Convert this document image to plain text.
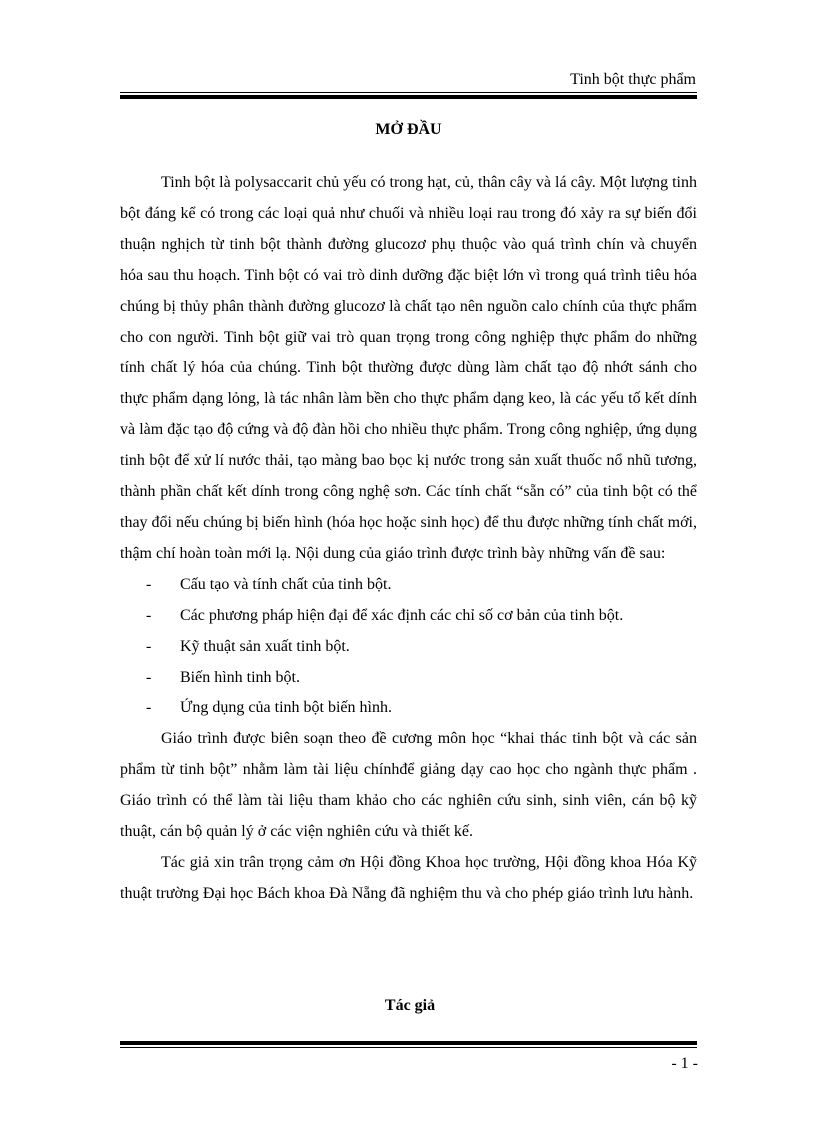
Tinh bột thực phẩm
MỞ ĐẦU

Tinh bột là polysaccarit chủ yếu có trong hạt, củ, thân cây và lá cây. Một lượng tinh bột đáng kể có trong các loại quả như chuối và nhiều loại rau trong đó xảy ra sự biến đổi thuận nghịch từ tinh bột thành đường glucozơ phụ thuộc vào quá trình chín và chuyển hóa sau thu hoạch. Tinh bột có vai trò dinh dưỡng đặc biệt lớn vì trong quá trình tiêu hóa chúng bị thủy phân thành đường glucozơ là chất tạo nên nguồn calo chính của thực phẩm cho con người. Tinh bột giữ vai trò quan trọng trong công nghiệp thực phẩm do những tính chất lý hóa của chúng. Tinh bột thường được dùng làm chất tạo độ nhớt sánh cho thực phẩm dạng lỏng, là tác nhân làm bền cho thực phẩm dạng keo, là các yếu tố kết dính và làm đặc tạo độ cứng và độ đàn hồi cho nhiều thực phẩm. Trong công nghiệp, ứng dụng tinh bột để xử lí nước thải, tạo màng bao bọc kị nước trong sản xuất thuốc nổ nhũ tương, thành phần chất kết dính trong công nghệ sơn. Các tính chất “sẵn có” của tinh bột có thể thay đổi nếu chúng bị biến hình (hóa học hoặc sinh học) để thu được những tính chất mới, thậm chí hoàn toàn mới lạ. Nội dung của giáo trình được trình bày những vấn đề sau:

- Cấu tạo và tính chất của tinh bột.
- Các phương pháp hiện đại để xác định các chỉ số cơ bản của tinh bột.
- Kỹ thuật sản xuất tinh bột.
- Biến hình tinh bột.
- Ứng dụng của tinh bột biến hình.

Giáo trình được biên soạn theo đề cương môn học “khai thác tinh bột và các sản phẩm từ tinh bột” nhằm làm tài liệu chínhđể giảng dạy cao học cho ngành thực phẩm . Giáo trình có thể làm tài liệu tham khảo cho các nghiên cứu sinh, sinh viên, cán bộ kỹ thuật, cán bộ quản lý ở các viện nghiên cứu và thiết kế.

Tác giả xin trân trọng cảm ơn Hội đồng Khoa học trường, Hội đồng khoa Hóa Kỹ thuật trường Đại học Bách khoa Đà Nẵng đã nghiệm thu và cho phép giáo trình lưu hành.

Tác giả
- 1 -
